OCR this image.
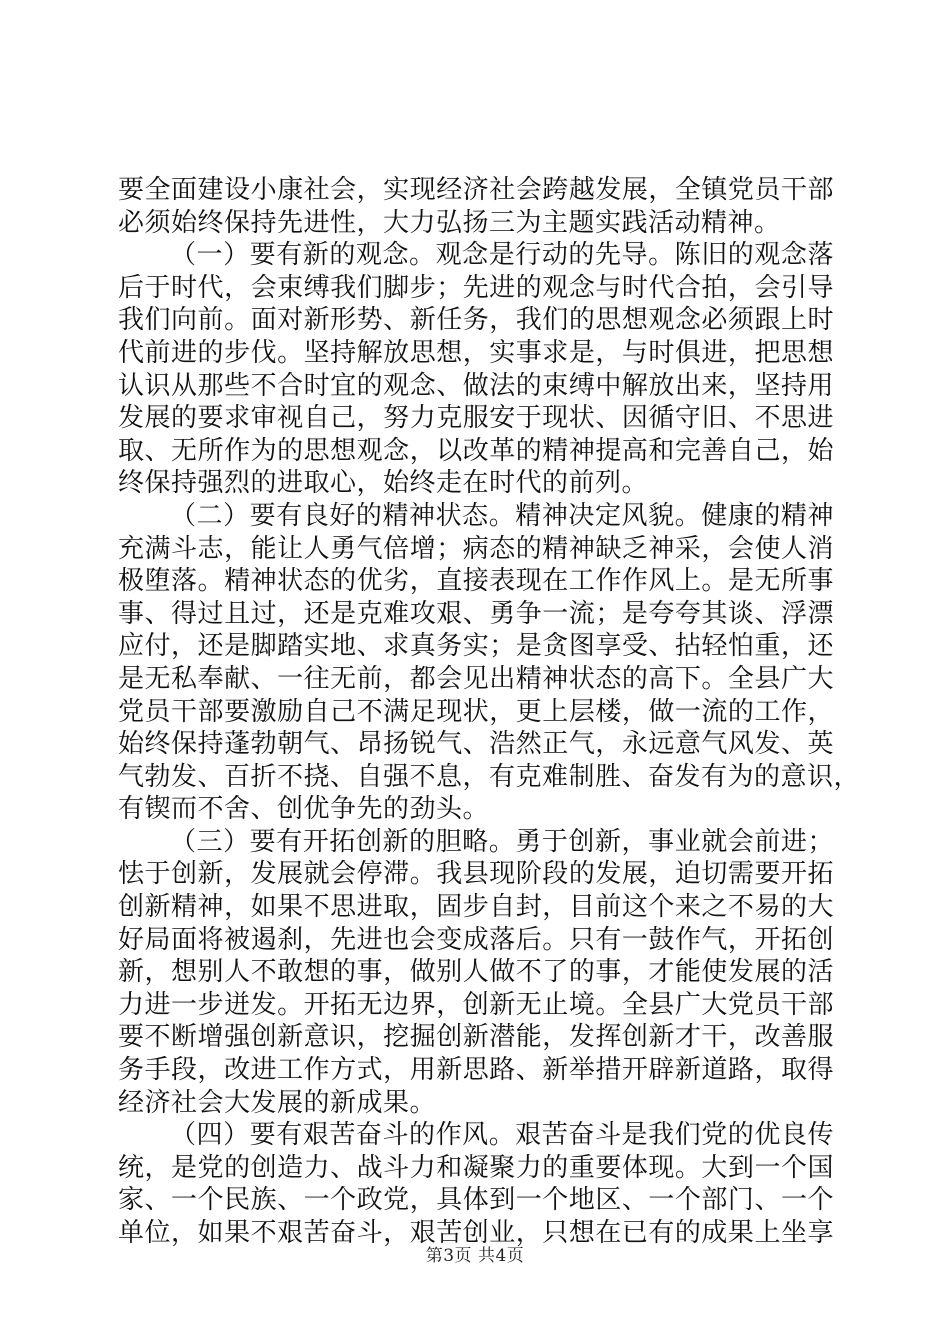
要全面建设小康社会，实现经济社会跨越发展，全镇党员干部
必须始终保持先进性，大力弘扬三为主题实践活动精神。
（一）要有新的观念。观念是行动的先导。陈旧的观念落
后于时代，会束缚我们脚步；先进的观念与时代合拍，会引导
我们向前。面对新形势、新任务，我们的思想观念必须跟上时
代前进的步伐。坚持解放思想，实事求是，与时俱进，把思想
认识从那些不合时宜的观念、做法的束缚中解放出来，坚持用
发展的要求审视自己，努力克服安于现状、因循守旧、不思进
取、无所作为的思想观念，以改革的精神提高和完善自己，始
终保持强烈的进取心，始终走在时代的前列。
（二）要有良好的精神状态。精神决定风貌。健康的精神
充满斗志，能让人勇气倍增；病态的精神缺乏神采，会使人消
极堕落。精神状态的优劣，直接表现在工作作风上。是无所事
事、得过且过，还是克难攻艰、勇争一流；是夸夸其谈、浮漂
应付，还是脚踏实地、求真务实；是贪图享受、拈轻怕重，还
是无私奉献、一往无前，都会见出精神状态的高下。全县广大
党员干部要激励自己不满足现状，更上层楼，做一流的工作，
始终保持蓬勃朝气、昂扬锐气、浩然正气，永远意气风发、英
气勃发、百折不挠、自强不息，有克难制胜、奋发有为的意识，
有锲而不舍、创优争先的劲头。
（三）要有开拓创新的胆略。勇于创新，事业就会前进；
怯于创新，发展就会停滞。我县现阶段的发展，迫切需要开拓
创新精神，如果不思进取，固步自封，目前这个来之不易的大
好局面将被遏刹，先进也会变成落后。只有一鼓作气，开拓创
新，想别人不敢想的事，做别人做不了的事，才能使发展的活
力进一步迸发。开拓无边界，创新无止境。全县广大党员干部
要不断增强创新意识，挖掘创新潜能，发挥创新才干，改善服
务手段，改进工作方式，用新思路、新举措开辟新道路，取得
经济社会大发展的新成果。
（四）要有艰苦奋斗的作风。艰苦奋斗是我们党的优良传
统，是党的创造力、战斗力和凝聚力的重要体现。大到一个国
家、一个民族、一个政党，具体到一个地区、一个部门、一个
单位，如果不艰苦奋斗，艰苦创业，只想在已有的成果上坐享
第3页 共4页
